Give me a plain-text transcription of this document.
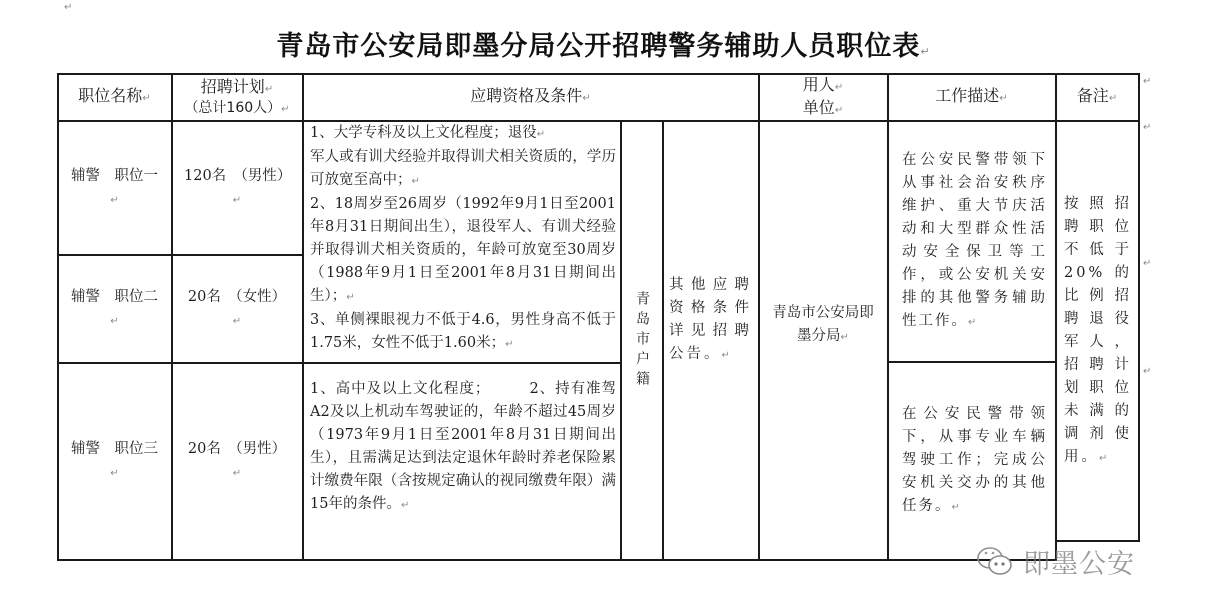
↵
青岛市公安局即墨分局公开招聘警务辅助人员职位表↵
职位名称↵
招聘计划↵
（总计160人）↵
应聘资格及条件↵
用人↵
单位↵
工作描述↵	备注↵
辅警　职位一↵
120名　（男性）↵
辅警　职位二↵
20名　（女性）↵
辅警　职位三↵
20名　（男性）↵
1、大学专科及以上文化程度；退役↵
军人或有训犬经验并取得训犬相关资质的，学历可放宽至高中；↵
2、18周岁至26周岁（1992年9月1日至2001年8月31日期间出生），退役军人、有训犬经验并取得训犬相关资质的，年龄可放宽至30周岁（1988年9月1日至2001年8月31日期间出生）；↵
3、单侧裸眼视力不低于4.6，男性身高不低于1.75米，女性不低于1.60米；↵
1、高中及以上文化程度；　　　2、持有准驾A2及以上机动车驾驶证的，年龄不超过45周岁（1973年9月1日至2001年8月31日期间出生），且需满足达到法定退休年龄时养老保险累计缴费年限（含按规定确认的视同缴费年限）满15年的条件。↵
青岛市户籍
其他应聘资格条件详见招聘公告。↵
青岛市公安局即墨分局↵
在公安民警带领下从事社会治安秩序维护、重大节庆活动和大型群众性活动安全保卫等工作，或公安机关安排的其他警务辅助性工作。↵
在公安民警带领下，从事专业车辆驾驶工作；完成公安机关交办的其他任务。↵
按照招聘职位不低于20%的比例招聘退役军人，招聘计划职位未满的调剂使用。↵
↵
↵
↵
↵
即墨公安
